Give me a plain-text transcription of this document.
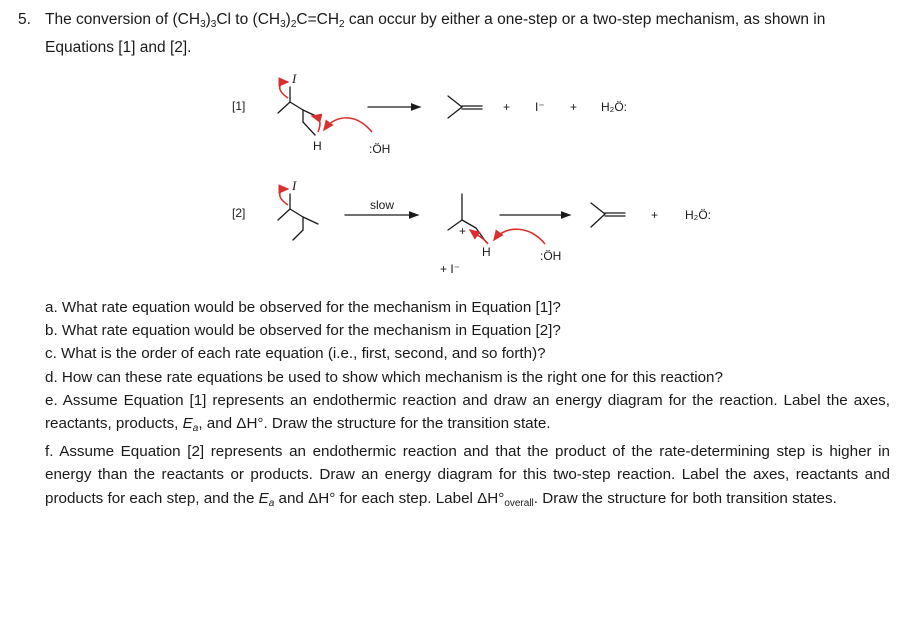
5. The conversion of $(CH_3)_3Cl$ to $(CH_3)_2C=CH_2$ can occur by either a one-step or a two-step mechanism, as shown in Equations [1] and [2].
[1]
I
H	:ÖH
+ I⁻ + H₂Ö:
[2]
I
slow
+
H	:ÖH
+ I⁻
+ H₂Ö:

a. What rate equation would be observed for the mechanism in Equation [1]?

b. What rate equation would be observed for the mechanism in Equation [2]?

c. What is the order of each rate equation (i.e., first, second, and so forth)?

d. How can these rate equations be used to show which mechanism is the right one for this reaction?

e. Assume Equation [1] represents an endothermic reaction and draw an energy diagram for the reaction. Label the axes, reactants, products, $E_a$, and ΔH°. Draw the structure for the transition state.

f. Assume Equation [2] represents an endothermic reaction and that the product of the rate-determining step is higher in energy than the reactants or products. Draw an energy diagram for this two-step reaction. Label the axes, reactants and products for each step, and the $E_a$ and ΔH° for each step. Label $\Delta H^\circ_{overall}$. Draw the structure for both transition states.
